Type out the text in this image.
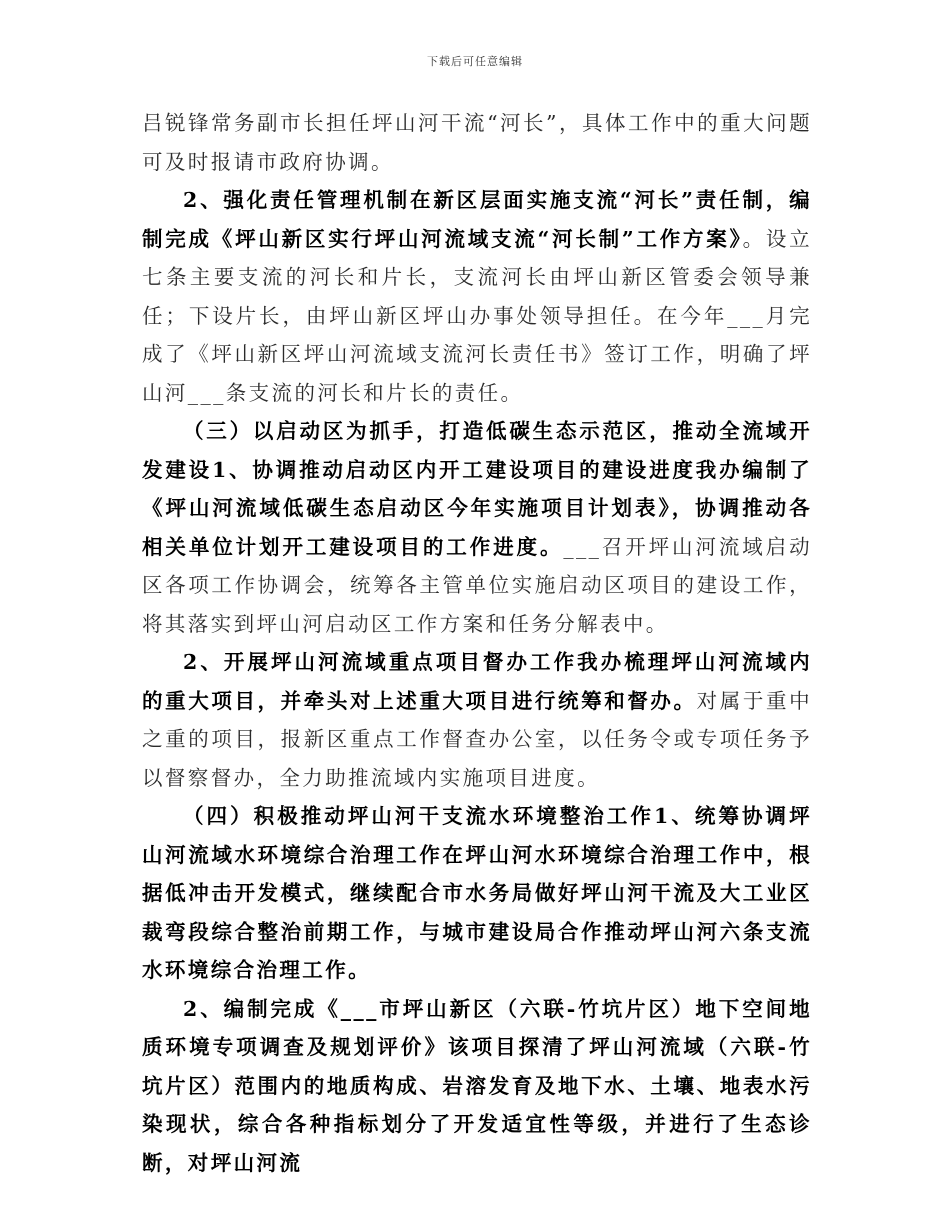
下载后可任意编辑

吕锐锋常务副市长担任坪山河干流“河长”，具体工作中的重大问题可及时报请市政府协调。

2、强化责任管理机制在新区层面实施支流“河长”责任制，编制完成《坪山新区实行坪山河流域支流“河长制”工作方案》。设立七条主要支流的河长和片长，支流河长由坪山新区管委会领导兼任；下设片长，由坪山新区坪山办事处领导担任。在今年___月完成了《坪山新区坪山河流域支流河长责任书》签订工作，明确了坪山河___条支流的河长和片长的责任。

（三）以启动区为抓手，打造低碳生态示范区，推动全流域开发建设1、协调推动启动区内开工建设项目的建设进度我办编制了《坪山河流域低碳生态启动区今年实施项目计划表》，协调推动各相关单位计划开工建设项目的工作进度。___召开坪山河流域启动区各项工作协调会，统筹各主管单位实施启动区项目的建设工作，将其落实到坪山河启动区工作方案和任务分解表中。

2、开展坪山河流域重点项目督办工作我办梳理坪山河流域内的重大项目，并牵头对上述重大项目进行统筹和督办。对属于重中之重的项目，报新区重点工作督查办公室，以任务令或专项任务予以督察督办，全力助推流域内实施项目进度。

（四）积极推动坪山河干支流水环境整治工作1、统筹协调坪山河流域水环境综合治理工作在坪山河水环境综合治理工作中，根据低冲击开发模式，继续配合市水务局做好坪山河干流及大工业区裁弯段综合整治前期工作，与城市建设局合作推动坪山河六条支流水环境综合治理工作。

2、编制完成《___市坪山新区（六联-竹坑片区）地下空间地质环境专项调查及规划评价》该项目探清了坪山河流域（六联-竹坑片区）范围内的地质构成、岩溶发育及地下水、土壤、地表水污染现状，综合各种指标划分了开发适宜性等级，并进行了生态诊断，对坪山河流
